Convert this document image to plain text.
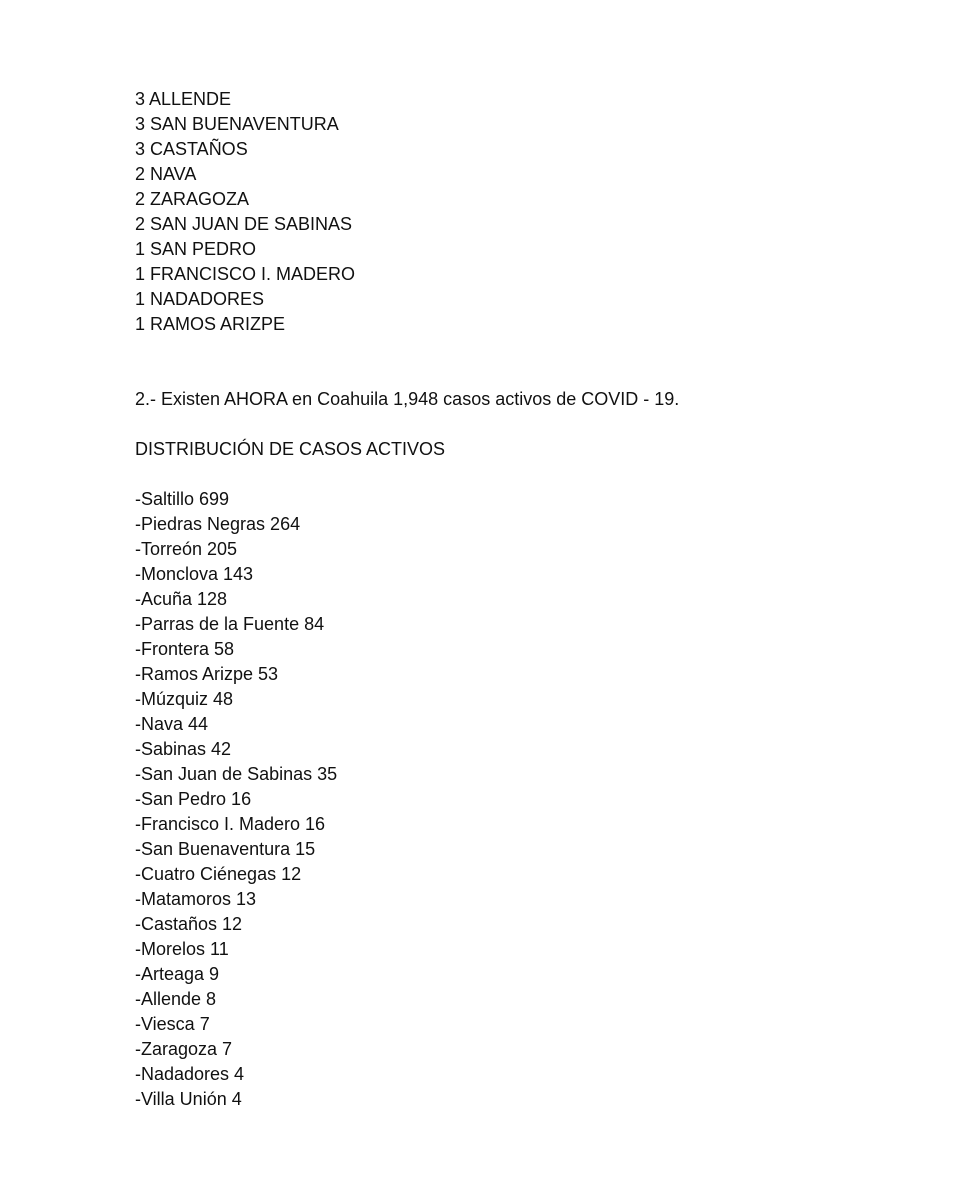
3 ALLENDE
3 SAN BUENAVENTURA
3 CASTAÑOS
2 NAVA
2 ZARAGOZA
2 SAN JUAN DE SABINAS
1 SAN PEDRO
1 FRANCISCO I. MADERO
1 NADADORES
1 RAMOS ARIZPE
2.- Existen AHORA en Coahuila 1,948 casos activos de COVID - 19.
DISTRIBUCIÓN DE CASOS ACTIVOS
-Saltillo 699
-Piedras Negras 264
-Torreón 205
-Monclova 143
-Acuña 128
-Parras de la Fuente 84
-Frontera 58
-Ramos Arizpe 53
-Múzquiz 48
-Nava 44
-Sabinas 42
-San Juan de Sabinas 35
-San Pedro 16
-Francisco I. Madero 16
-San Buenaventura 15
-Cuatro Ciénegas 12
-Matamoros 13
-Castaños 12
-Morelos 11
-Arteaga 9
-Allende 8
-Viesca 7
-Zaragoza 7
-Nadadores 4
-Villa Unión 4
